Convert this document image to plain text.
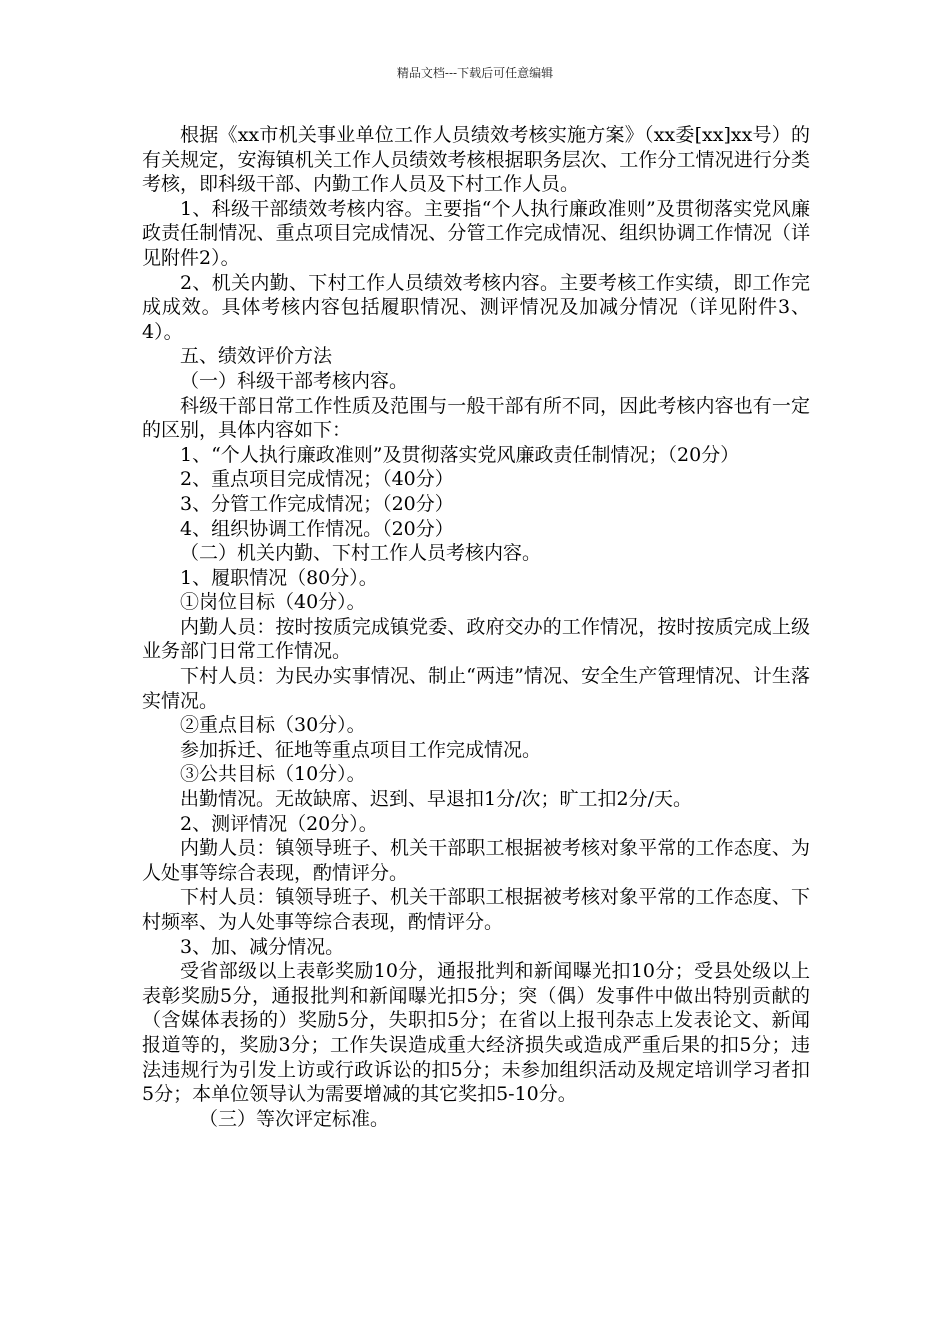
精品文档---下载后可任意编辑

根据《xx市机关事业单位工作人员绩效考核实施方案》（xx委[xx]xx号）的有关规定，安海镇机关工作人员绩效考核根据职务层次、工作分工情况进行分类考核，即科级干部、内勤工作人员及下村工作人员。

1、科级干部绩效考核内容。主要指“个人执行廉政准则”及贯彻落实党风廉政责任制情况、重点项目完成情况、分管工作完成情况、组织协调工作情况（详见附件2）。

2、机关内勤、下村工作人员绩效考核内容。主要考核工作实绩，即工作完成成效。具体考核内容包括履职情况、测评情况及加减分情况（详见附件3、4）。

五、绩效评价方法

（一）科级干部考核内容。

科级干部日常工作性质及范围与一般干部有所不同，因此考核内容也有一定的区别，具体内容如下：

1、“个人执行廉政准则”及贯彻落实党风廉政责任制情况；（20分）

2、重点项目完成情况；（40分）

3、分管工作完成情况；（20分）

4、组织协调工作情况。（20分）

（二）机关内勤、下村工作人员考核内容。

1、履职情况（80分）。

①岗位目标（40分）。

内勤人员：按时按质完成镇党委、政府交办的工作情况，按时按质完成上级业务部门日常工作情况。

下村人员：为民办实事情况、制止“两违”情况、安全生产管理情况、计生落实情况。

②重点目标（30分）。

参加拆迁、征地等重点项目工作完成情况。

③公共目标（10分）。

出勤情况。无故缺席、迟到、早退扣1分/次；旷工扣2分/天。

2、测评情况（20分）。

内勤人员：镇领导班子、机关干部职工根据被考核对象平常的工作态度、为人处事等综合表现，酌情评分。

下村人员：镇领导班子、机关干部职工根据被考核对象平常的工作态度、下村频率、为人处事等综合表现，酌情评分。

3、加、减分情况。

受省部级以上表彰奖励10分，通报批判和新闻曝光扣10分；受县处级以上表彰奖励5分，通报批判和新闻曝光扣5分；突（偶）发事件中做出特别贡献的（含媒体表扬的）奖励5分，失职扣5分；在省以上报刊杂志上发表论文、新闻报道等的，奖励3分；工作失误造成重大经济损失或造成严重后果的扣5分；违法违规行为引发上访或行政诉讼的扣5分；未参加组织活动及规定培训学习者扣5分；本单位领导认为需要增减的其它奖扣5-10分。

（三）等次评定标准。
